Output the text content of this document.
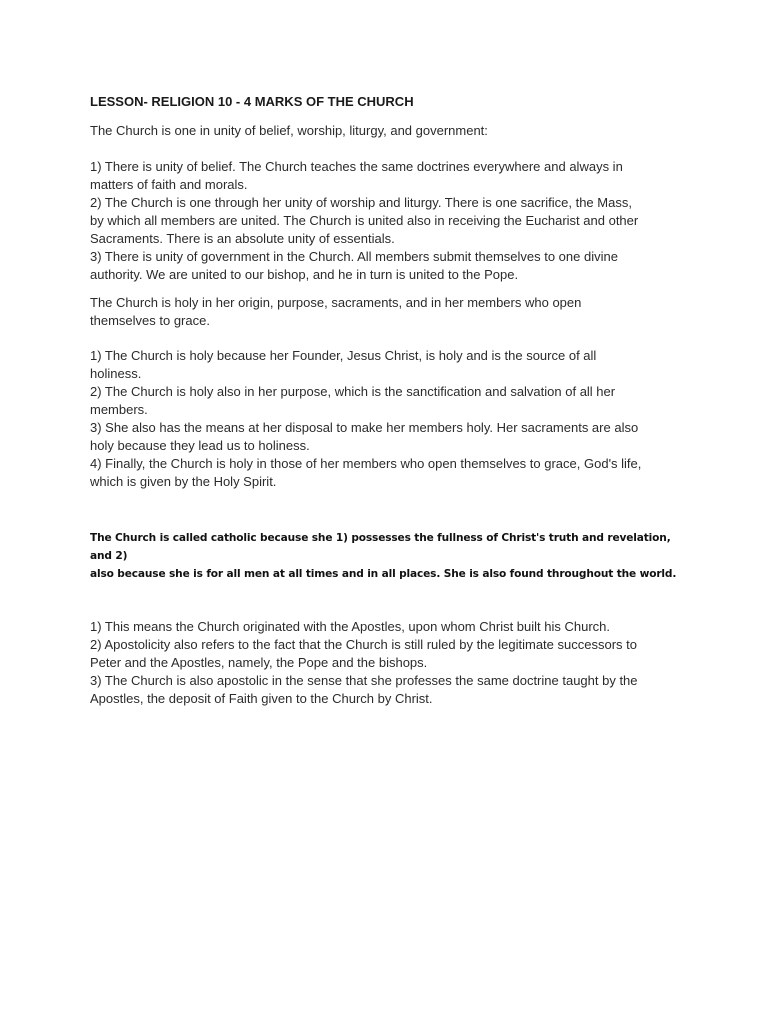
LESSON- RELIGION 10 - 4 MARKS OF THE CHURCH

The Church is one in unity of belief, worship, liturgy, and government:

1) There is unity of belief. The Church teaches the same doctrines everywhere and always in
matters of faith and morals.
2) The Church is one through her unity of worship and liturgy. There is one sacrifice, the Mass,
by which all members are united. The Church is united also in receiving the Eucharist and other
Sacraments. There is an absolute unity of essentials.
3) There is unity of government in the Church. All members submit themselves to one divine
authority. We are united to our bishop, and he in turn is united to the Pope.

The Church is holy in her origin, purpose, sacraments, and in her members who open
themselves to grace.

1) The Church is holy because her Founder, Jesus Christ, is holy and is the source of all
holiness.
2) The Church is holy also in her purpose, which is the sanctification and salvation of all her
members.
3) She also has the means at her disposal to make her members holy. Her sacraments are also
holy because they lead us to holiness.
4) Finally, the Church is holy in those of her members who open themselves to grace, God's life,
which is given by the Holy Spirit.

The Church is called catholic because she 1) possesses the fullness of Christ's truth and revelation, and 2)
also because she is for all men at all times and in all places. She is also found throughout the world.

1) This means the Church originated with the Apostles, upon whom Christ built his Church.
2) Apostolicity also refers to the fact that the Church is still ruled by the legitimate successors to
Peter and the Apostles, namely, the Pope and the bishops.
3) The Church is also apostolic in the sense that she professes the same doctrine taught by the
Apostles, the deposit of Faith given to the Church by Christ.
